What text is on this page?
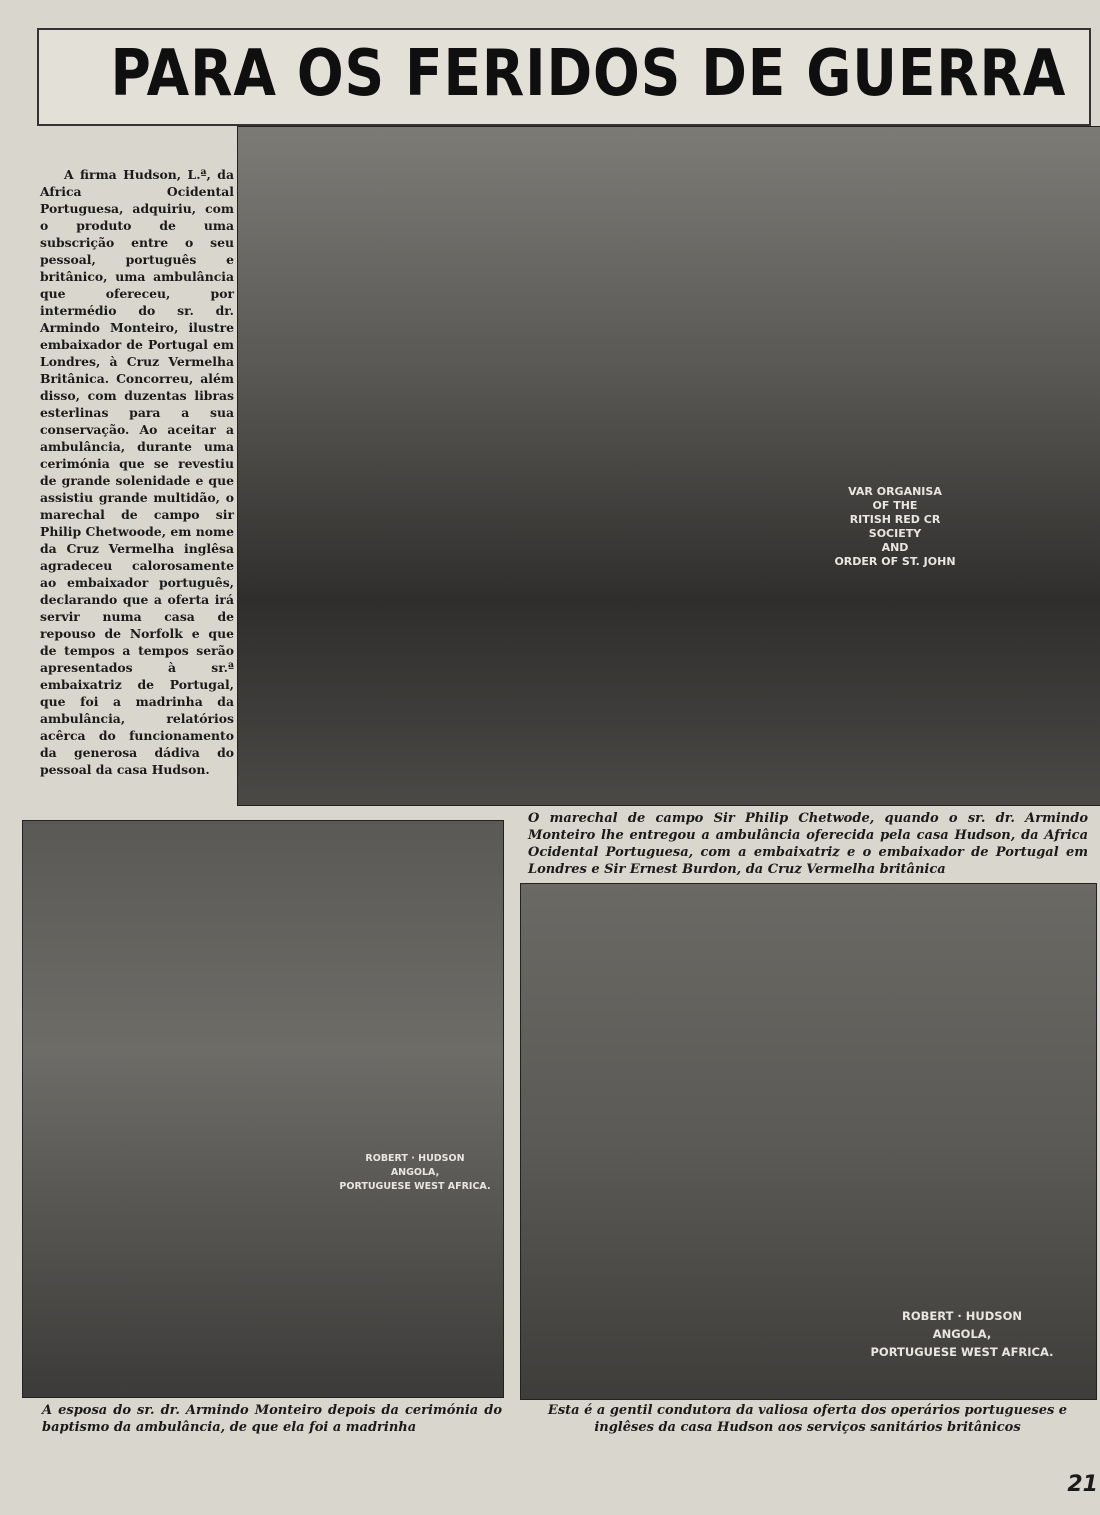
PARA OS FERIDOS DE GUERRA

A firma Hudson, L.ª, da Africa Ocidental Portuguesa, adquiriu, com o produto de uma subscrição entre o seu pessoal, português e britânico, uma ambulância que ofereceu, por intermédio do sr. dr. Armindo Monteiro, ilustre embaixador de Portugal em Londres, à Cruz Vermelha Britânica. Concorreu, além disso, com duzentas libras esterlinas para a sua conservação. Ao aceitar a ambulância, durante uma cerimónia que se revestiu de grande solenidade e que assistiu grande multidão, o marechal de campo sir Philip Chetwoode, em nome da Cruz Vermelha inglêsa agradeceu calorosamente ao embaixador português, declarando que a oferta irá servir numa casa de repouso de Norfolk e que de tempos a tempos serão apresentados à sr.ª embaixatriz de Portugal, que foi a madrinha da ambulância, relatórios acêrca do funcionamento da generosa dádiva do pessoal da casa Hudson.

VAR ORGANISA
OF THE
RITISH RED CR
SOCIETY
AND
ORDER OF ST. JOHN

O marechal de campo Sir Philip Chetwode, quando o sr. dr. Armindo Monteiro lhe entregou a ambulância oferecida pela casa Hudson, da Africa Ocidental Portuguesa, com a embaixatriz e o embaixador de Portugal em Londres e Sir Ernest Burdon, da Cruz Vermelha britânica

ROBERT · HUDSON
ANGOLA,
PORTUGUESE WEST AFRICA.

A esposa do sr. dr. Armindo Monteiro depois da cerimónia do baptismo da ambulância, de que ela foi a madrinha

ROBERT · HUDSON
ANGOLA,
PORTUGUESE WEST AFRICA.

Esta é a gentil condutora da valiosa oferta dos operários portugueses e inglêses da casa Hudson aos serviços sanitários britânicos

21
